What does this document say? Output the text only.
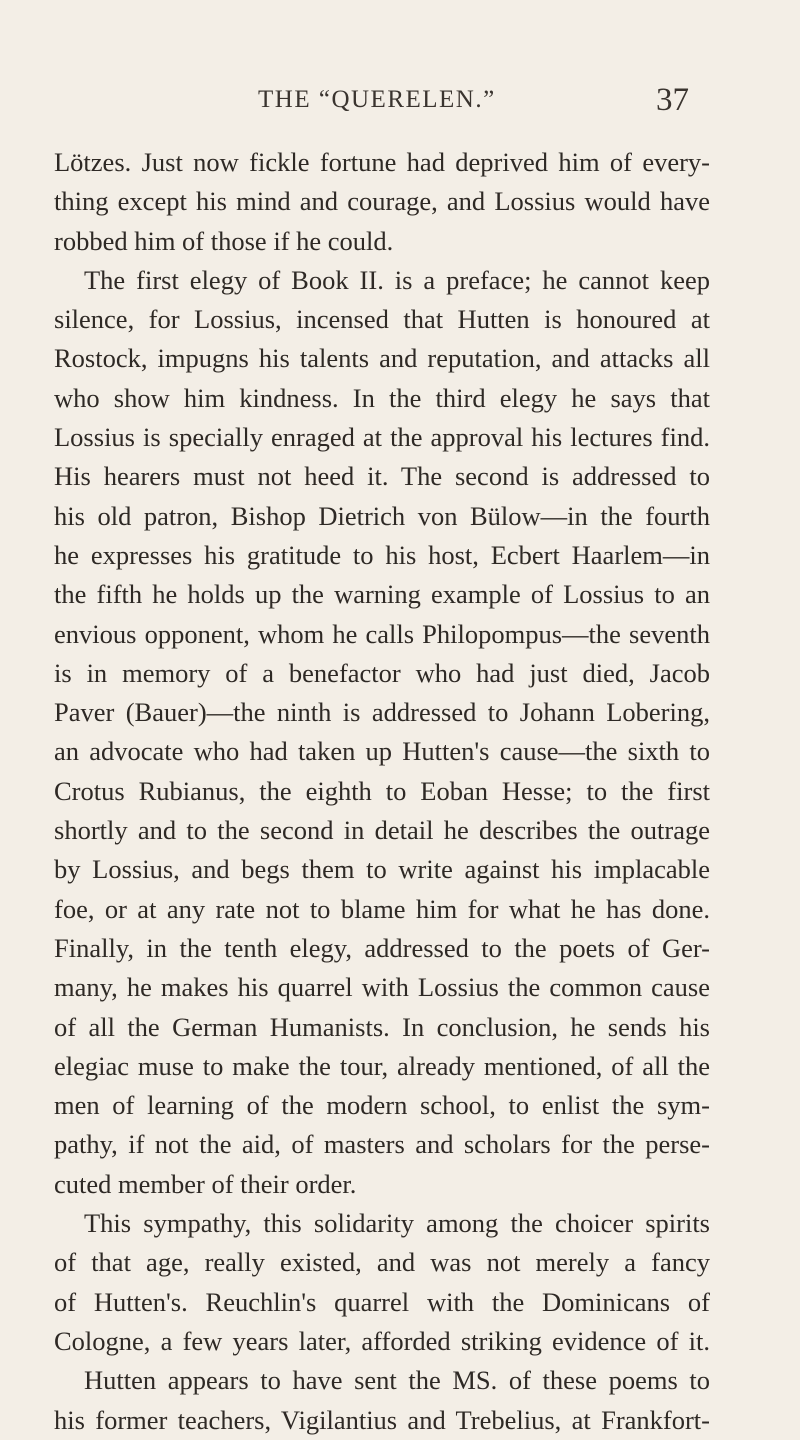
THE “QUERELEN.”	37
Lötzes. Just now fickle fortune had deprived him of every-
thing except his mind and courage, and Lossius would have
robbed him of those if he could.
The first elegy of Book II. is a preface; he cannot keep
silence, for Lossius, incensed that Hutten is honoured at
Rostock, impugns his talents and reputation, and attacks all
who show him kindness. In the third elegy he says that
Lossius is specially enraged at the approval his lectures find.
His hearers must not heed it. The second is addressed to
his old patron, Bishop Dietrich von Bülow—in the fourth
he expresses his gratitude to his host, Ecbert Haarlem—in
the fifth he holds up the warning example of Lossius to an
envious opponent, whom he calls Philopompus—the seventh
is in memory of a benefactor who had just died, Jacob
Paver (Bauer)—the ninth is addressed to Johann Lobering,
an advocate who had taken up Hutten's cause—the sixth to
Crotus Rubianus, the eighth to Eoban Hesse; to the first
shortly and to the second in detail he describes the outrage
by Lossius, and begs them to write against his implacable
foe, or at any rate not to blame him for what he has done.
Finally, in the tenth elegy, addressed to the poets of Ger-
many, he makes his quarrel with Lossius the common cause
of all the German Humanists. In conclusion, he sends his
elegiac muse to make the tour, already mentioned, of all the
men of learning of the modern school, to enlist the sym-
pathy, if not the aid, of masters and scholars for the perse-
cuted member of their order.
This sympathy, this solidarity among the choicer spirits
of that age, really existed, and was not merely a fancy
of Hutten's. Reuchlin's quarrel with the Dominicans of
Cologne, a few years later, afforded striking evidence of it.
Hutten appears to have sent the MS. of these poems to
his former teachers, Vigilantius and Trebelius, at Frankfort-
